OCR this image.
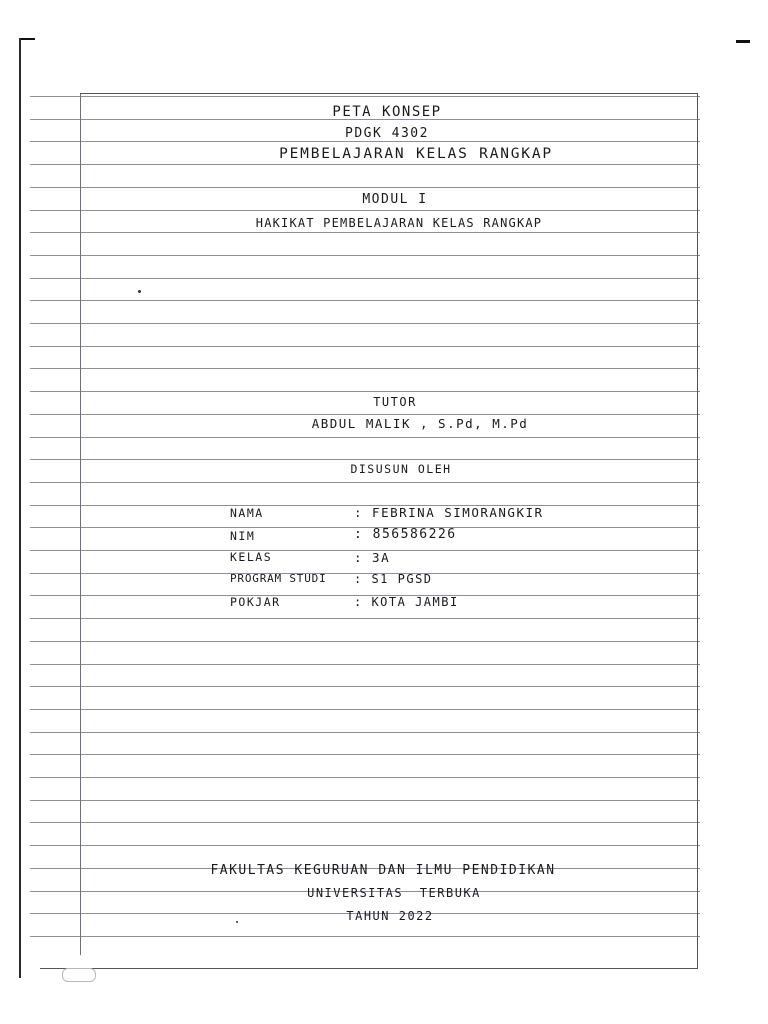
PETA KONSEP
PDGK 4302
PEMBELAJARAN KELAS RANGKAP
MODUL I
HAKIKAT PEMBELAJARAN KELAS RANGKAP
TUTOR
ABDUL MALIK , S.Pd, M.Pd
DISUSUN OLEH
NAMA	: FEBRINA SIMORANGKIR
NIM	: 856586226
KELAS	: 3A
PROGRAM STUDI : S1 PGSD
POKJAR	: KOTA JAMBI
FAKULTAS KEGURUAN DAN ILMU PENDIDIKAN
UNIVERSITAS TERBUKA
TAHUN 2022
